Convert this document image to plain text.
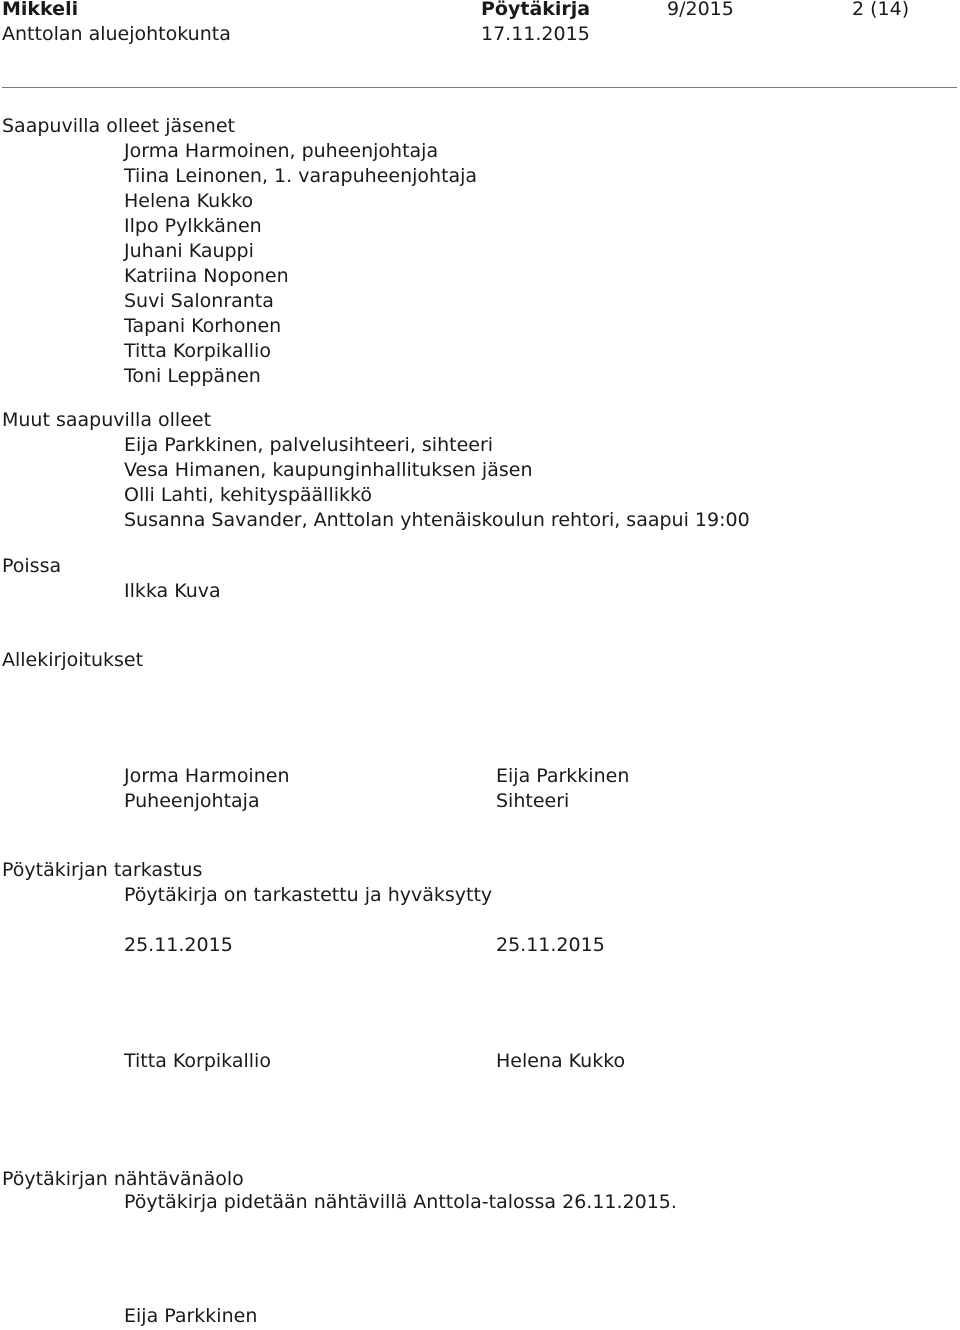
Mikkeli
Anttolan aluejohtokunta
Pöytäkirja
17.11.2015
9/2015	2 (14)
Saapuvilla olleet jäsenet
Jorma Harmoinen, puheenjohtaja
Tiina Leinonen, 1. varapuheenjohtaja
Helena Kukko
Ilpo Pylkkänen
Juhani Kauppi
Katriina Noponen
Suvi Salonranta
Tapani Korhonen
Titta Korpikallio
Toni Leppänen
Muut saapuvilla olleet
Eija Parkkinen, palvelusihteeri, sihteeri
Vesa Himanen, kaupunginhallituksen jäsen
Olli Lahti, kehityspäällikkö
Susanna Savander, Anttolan yhtenäiskoulun rehtori, saapui 19:00
Poissa
Ilkka Kuva
Allekirjoitukset
Jorma Harmoinen
Puheenjohtaja
Eija Parkkinen
Sihteeri
Pöytäkirjan tarkastus
Pöytäkirja on tarkastettu ja hyväksytty
25.11.2015	25.11.2015
Titta Korpikallio	Helena Kukko
Pöytäkirjan nähtävänäolo
Pöytäkirja pidetään nähtävillä Anttola-talossa 26.11.2015.
Eija Parkkinen
